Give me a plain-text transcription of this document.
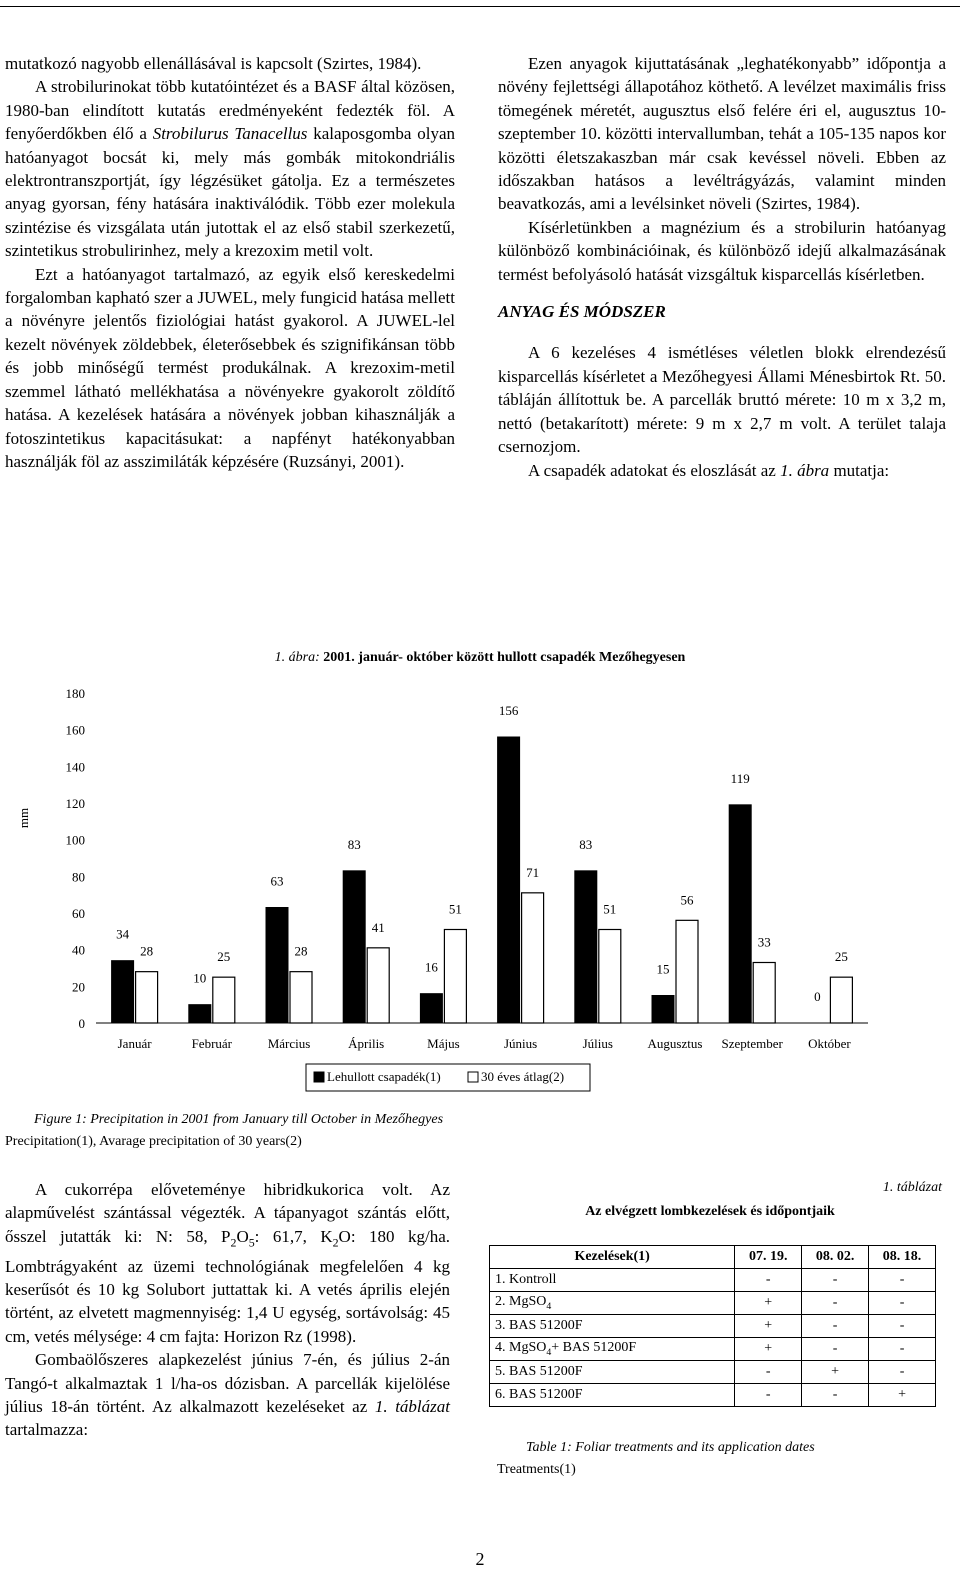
mutatkozó nagyobb ellenállásával is kapcsolt (Szirtes, 1984).

A strobilurinokat több kutatóintézet és a BASF által közösen, 1980-ban elindított kutatás eredményeként fedezték föl. A fenyőerdőkben élő a Strobilurus Tanacellus kalaposgomba olyan hatóanyagot bocsát ki, mely más gombák mitokondriális elektrontranszportját, így légzésüket gátolja. Ez a természetes anyag gyorsan, fény hatására inaktiválódik. Több ezer molekula szintézise és vizsgálata után jutottak el az első stabil szerkezetű, szintetikus strobulirinhez, mely a krezoxim metil volt.

Ezt a hatóanyagot tartalmazó, az egyik első kereskedelmi forgalomban kapható szer a JUWEL, mely fungicid hatása mellett a növényre jelentős fiziológiai hatást gyakorol. A JUWEL-lel kezelt növények zöldebbek, életerősebbek és szignifikánsan több és jobb minőségű termést produkálnak. A krezoxim-metil szemmel látható mellékhatása a növényekre gyakorolt zöldítő hatása. A kezelések hatására a növények jobban kihasználják a fotoszintetikus kapacitásukat: a napfényt hatékonyabban használják föl az asszimiláták képzésére (Ruzsányi, 2001).

Ezen anyagok kijuttatásának „leghatékonyabb” időpontja a növény fejlettségi állapotához köthető. A levélzet maximális friss tömegének méretét, augusztus első felére éri el, augusztus 10-szeptember 10. közötti intervallumban, tehát a 105-135 napos kor közötti életszakaszban már csak kevéssel növeli. Ebben az időszakban hatásos a levéltrágyázás, valamint minden beavatkozás, ami a levélsinket növeli (Szirtes, 1984).

Kísérletünkben a magnézium és a strobilurin hatóanyag különböző kombinációinak, és különböző idejű alkalmazásának termést befolyásoló hatását vizsgáltuk kisparcellás kísérletben.

ANYAG ÉS MÓDSZER

A 6 kezeléses 4 ismétléses véletlen blokk elrendezésű kisparcellás kísérletet a Mezőhegyesi Állami Ménesbirtok Rt. 50. tábláján állítottuk be. A parcellák bruttó mérete: 10 m x 3,2 m, nettó (betakarított) mérete: 9 m x 2,7 m volt. A terület talaja csernozjom.

A csapadék adatokat és eloszlását az 1. ábra mutatja:

1. ábra: 2001. január- október között hullott csapadék Mezőhegyesen
0
20
40
60
80
100
120
140
160
180
mm
34
28
Január
10
25
Február
63
28
Március
83
41
Április
16
51
Május
156
71
Június
83
51
Július
15
56
Augusztus
119
33
Szeptember
0
25
Október
Lehullott csapadék(1)	30 éves átlag(2)
Figure 1: Precipitation in 2001 from January till October in Mezőhegyes
Precipitation(1), Avarage precipitation of 30 years(2)

A cukorrépa előveteménye hibridkukorica volt. Az alapművelést szántással végezték. A tápanyagot szántás előtt, ősszel jutatták ki: N: 58, $P_2O_5$: 61,7, $K_2O$: 180 kg/ha. Lombtrágyaként az üzemi technológiának megfelelően 4 kg keserűsót és 10 kg Solubort juttattak ki. A vetés április elején történt, az elvetett magmennyiség: 1,4 U egység, sortávolság: 45 cm, vetés mélysége: 4 cm fajta: Horizon Rz (1998).

Gombaölőszeres alapkezelést június 7-én, és július 2-án Tangó-t alkalmaztak 1 l/ha-os dózisban. A parcellák kijelölése július 18-án történt. Az alkalmazott kezeléseket az 1. táblázat tartalmazza:

1. táblázat
Az elvégzett lombkezelések és időpontjaik
Kezelések(1)	07. 19.	08. 02.	08. 18.
1. Kontroll	-	-	-
2. MgSO$_4$	+	-	-
3. BAS 51200F	+	-	-
4. MgSO$_4$+ BAS 51200F	+	-	-
5. BAS 51200F	-	+	-
6. BAS 51200F	-	-	+
Table 1: Foliar treatments and its application dates
Treatments(1)
2
